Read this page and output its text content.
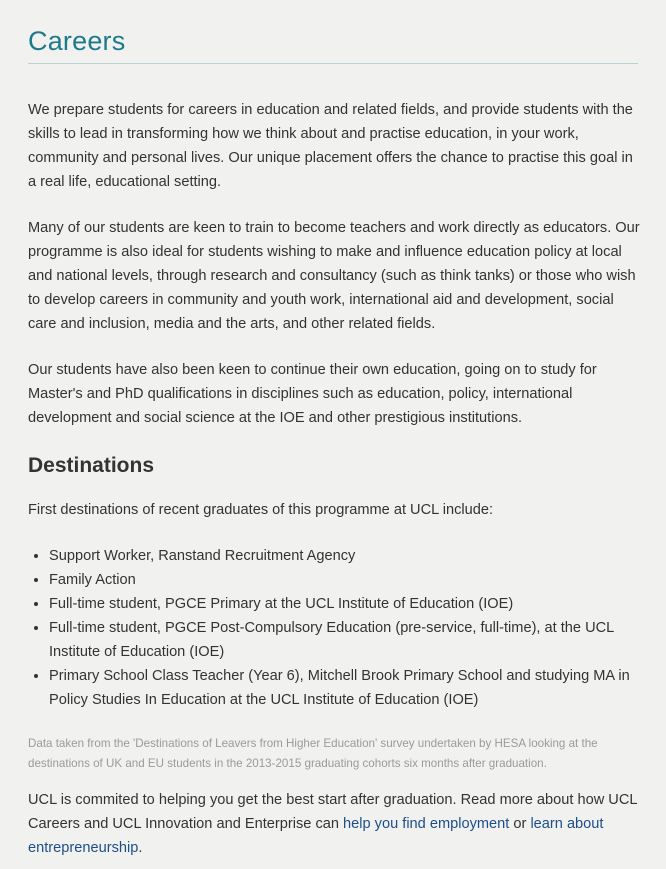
Careers

We prepare students for careers in education and related fields, and provide students with the skills to lead in transforming how we think about and practise education, in your work, community and personal lives. Our unique placement offers the chance to practise this goal in a real life, educational setting.

Many of our students are keen to train to become teachers and work directly as educators. Our programme is also ideal for students wishing to make and influence education policy at local and national levels, through research and consultancy (such as think tanks) or those who wish to develop careers in community and youth work, international aid and development, social care and inclusion, media and the arts, and other related fields.

Our students have also been keen to continue their own education, going on to study for Master's and PhD qualifications in disciplines such as education, policy, international development and social science at the IOE and other prestigious institutions.

Destinations

First destinations of recent graduates of this programme at UCL include:

• Support Worker, Ranstand Recruitment Agency
• Family Action
• Full-time student, PGCE Primary at the UCL Institute of Education (IOE)
• Full-time student, PGCE Post-Compulsory Education (pre-service, full-time), at the UCL Institute of Education (IOE)
• Primary School Class Teacher (Year 6), Mitchell Brook Primary School and studying MA in Policy Studies In Education at the UCL Institute of Education (IOE)

Data taken from the 'Destinations of Leavers from Higher Education' survey undertaken by HESA looking at the destinations of UK and EU students in the 2013-2015 graduating cohorts six months after graduation.

UCL is commited to helping you get the best start after graduation. Read more about how UCL Careers and UCL Innovation and Enterprise can help you find employment or learn about entrepreneurship.
